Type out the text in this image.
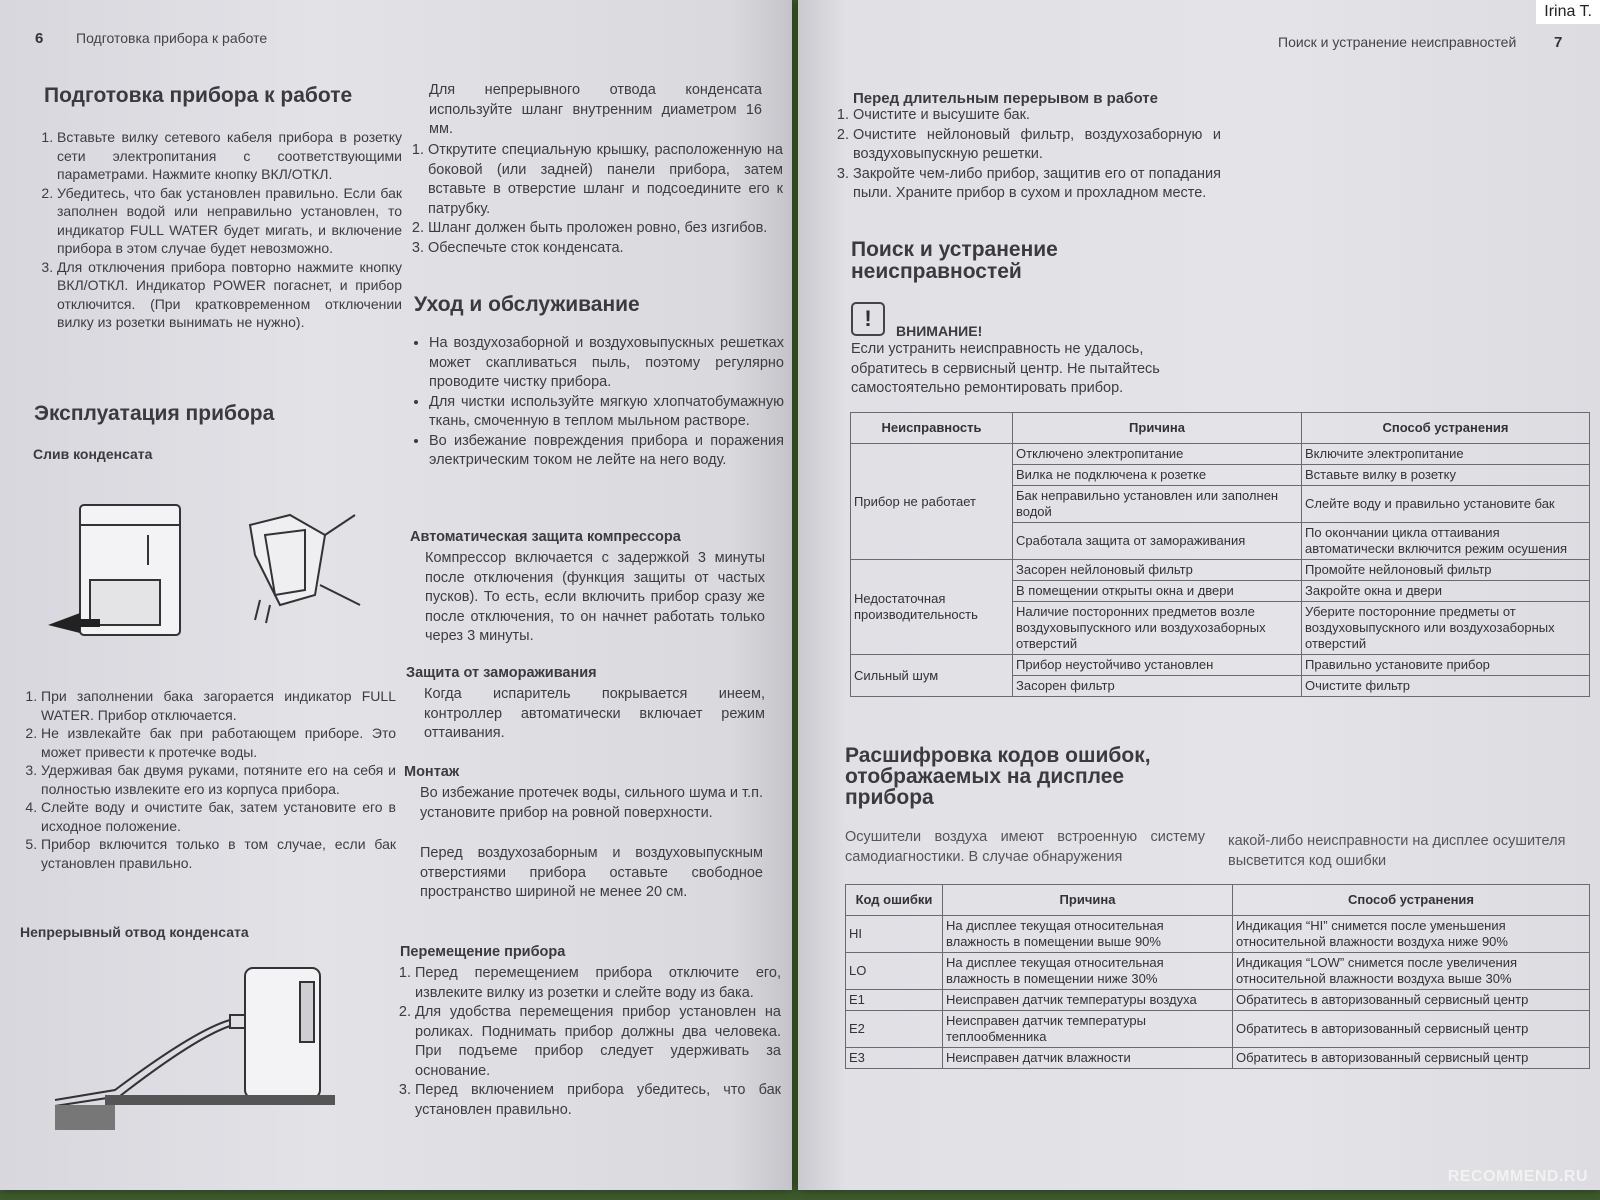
6 Подготовка прибора к работе
Подготовка прибора к работе
1. Вставьте вилку сетевого кабеля прибора в розетку сети электропитания с соответствующими параметрами. Нажмите кнопку ВКЛ/ОТКЛ.
2. Убедитесь, что бак установлен правильно. Если бак заполнен водой или неправильно установлен, то индикатор FULL WATER будет мигать, и включение прибора в этом случае будет невозможно.
3. Для отключения прибора повторно нажмите кнопку ВКЛ/ОТКЛ. Индикатор POWER погаснет, и прибор отключится. (При кратковременном отключении вилку из розетки вынимать не нужно).
Эксплуатация прибора
Слив конденсата
1. При заполнении бака загорается индикатор FULL WATER. Прибор отключается.
2. Не извлекайте бак при работающем приборе. Это может привести к протечке воды.
3. Удерживая бак двумя руками, потяните его на себя и полностью извлеките его из корпуса прибора.
4. Слейте воду и очистите бак, затем установите его в исходное положение.
5. Прибор включится только в том случае, если бак установлен правильно.
Непрерывный отвод конденсата
Для непрерывного отвода конденсата используйте шланг внутренним диаметром 16 мм.
1. Открутите специальную крышку, расположенную на боковой (или задней) панели прибора, затем вставьте в отверстие шланг и подсоедините его к патрубку.
2. Шланг должен быть проложен ровно, без изгибов.
3. Обеспечьте сток конденсата.
Уход и обслуживание
• На воздухозаборной и воздуховыпускных решетках может скапливаться пыль, поэтому регулярно проводите чистку прибора.
• Для чистки используйте мягкую хлопчатобумажную ткань, смоченную в теплом мыльном растворе.
• Во избежание повреждения прибора и поражения электрическим током не лейте на него воду.
Автоматическая защита компрессора
Компрессор включается с задержкой 3 минуты после отключения (функция защиты от частых пусков). То есть, если включить прибор сразу же после отключения, то он начнет работать только через 3 минуты.
Защита от замораживания
Когда испаритель покрывается инеем, контроллер автоматически включает режим оттаивания.
Монтаж
Во избежание протечек воды, сильного шума и т.п. установите прибор на ровной поверхности.
Перед воздухозаборным и воздуховыпускным отверстиями прибора оставьте свободное пространство шириной не менее 20 см.
Перемещение прибора
1. Перед перемещением прибора отключите его, извлеките вилку из розетки и слейте воду из бака.
2. Для удобства перемещения прибор установлен на роликах. Поднимать прибор должны два человека. При подъеме прибор следует удерживать за основание.
3. Перед включением прибора убедитесь, что бак установлен правильно.
Поиск и устранение неисправностей	7
Перед длительным перерывом в работе
1. Очистите и высушите бак.
2. Очистите нейлоновый фильтр, воздухозаборную и воздуховыпускную решетки.
3. Закройте чем-либо прибор, защитив его от попадания пыли. Храните прибор в сухом и прохладном месте.
Поиск и устранение
неисправностей
!	ВНИМАНИЕ!
Если устранить неисправность не удалось, обратитесь в сервисный центр. Не пытайтесь самостоятельно ремонтировать прибор.
Неисправность	Причина	Способ устранения
Прибор не работает	Отключено электропитание	Включите электропитание
	Вилка не подключена к розетке	Вставьте вилку в розетку
	Бак неправильно установлен или заполнен водой	Слейте воду и правильно установите бак
	Сработала защита от замораживания	По окончании цикла оттаивания автоматически включится режим осушения
Недостаточная производительность	Засорен нейлоновый фильтр	Промойте нейлоновый фильтр
	В помещении открыты окна и двери	Закройте окна и двери
	Наличие посторонних предметов возле воздуховыпускного или воздухозаборных отверстий	Уберите посторонние предметы от воздуховыпускного или воздухозаборных отверстий
Сильный шум	Прибор неустойчиво установлен	Правильно установите прибор
	Засорен фильтр	Очистите фильтр
Расшифровка кодов ошибок,
отображаемых на дисплее
прибора
Осушители воздуха имеют встроенную систему самодиагностики. В случае обнаружения
какой-либо неисправности на дисплее осушителя высветится код ошибки
Код ошибки	Причина	Способ устранения
HI	На дисплее текущая относительная влажность в помещении выше 90%	Индикация “HI” снимется после уменьшения относительной влажности воздуха ниже 90%
LO	На дисплее текущая относительная влажность в помещении ниже 30%	Индикация “LOW” снимется после увеличения относительной влажности воздуха выше 30%
E1	Неисправен датчик температуры воздуха	Обратитесь в авторизованный сервисный центр
E2	Неисправен датчик температуры теплообменника	Обратитесь в авторизованный сервисный центр
E3	Неисправен датчик влажности	Обратитесь в авторизованный сервисный центр
Irina T.
RECOMMEND.RU
